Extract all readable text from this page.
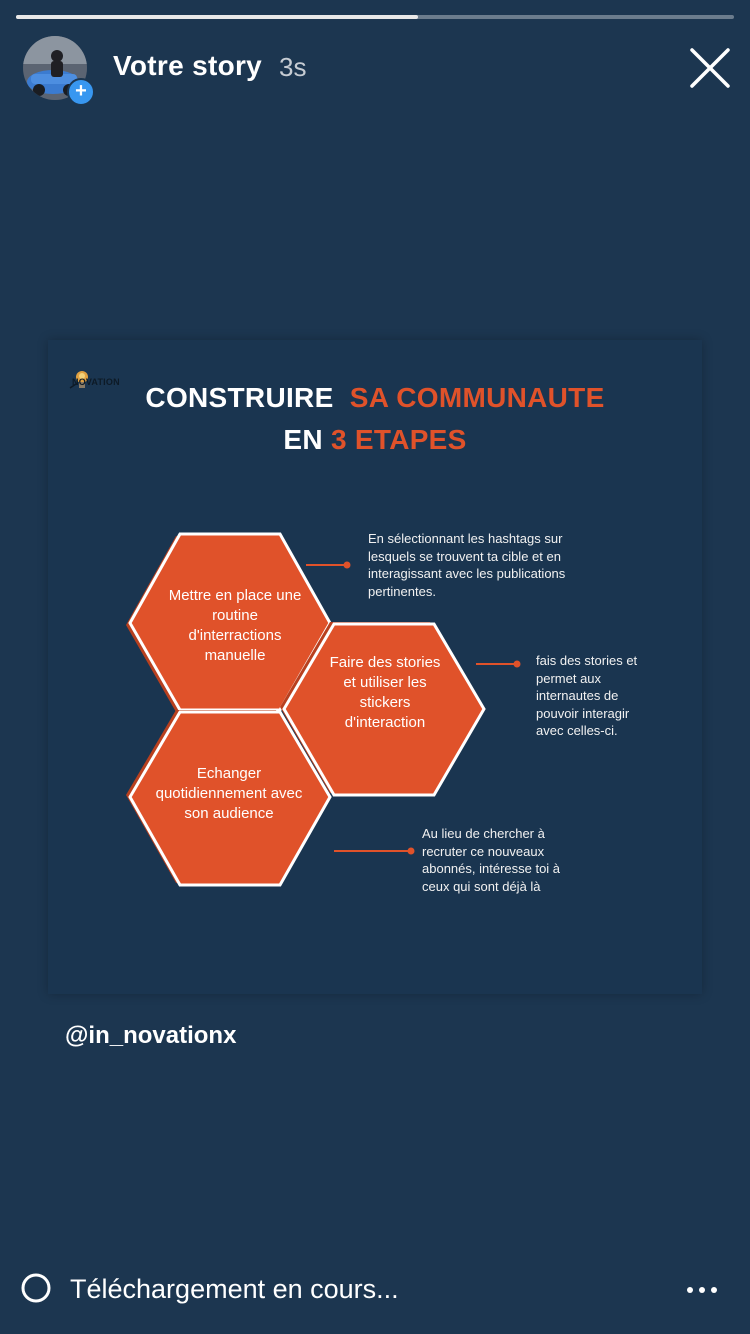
+
Votre story 3s
NOVATION CONSTRUIRE SA COMMUNAUTE
EN 3 ETAPES
Mettre en place une routine d'interractions manuelle	Faire des stories et utiliser les stickers d'interaction
Echanger quotidiennement avec son audience
En sélectionnant les hashtags sur lesquels se trouvent ta cible et en interagissant avec les publications pertinentes.
fais des stories et permet aux internautes de pouvoir interagir avec celles-ci.
Au lieu de chercher à recruter ce nouveaux abonnés, intéresse toi à ceux qui sont déjà là
@in_novationx
Téléchargement en cours...
